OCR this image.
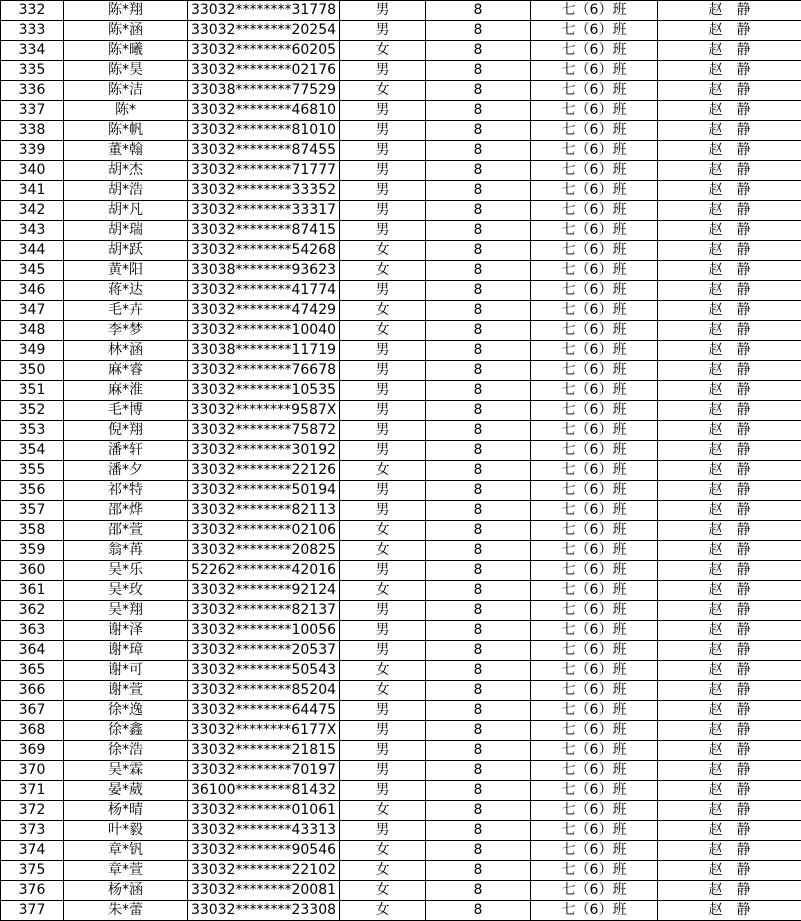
332	陈*翔	33032********31778	男	8	七（6）班	赵　静
333	陈*涵	33032********20254	男	8	七（6）班	赵　静
334	陈*曦	33032********60205	女	8	七（6）班	赵　静
335	陈*昊	33032********02176	男	8	七（6）班	赵　静
336	陈*洁	33038********77529	女	8	七（6）班	赵　静
337	陈*	33032********46810	男	8	七（6）班	赵　静
338	陈*帆	33032********81010	男	8	七（6）班	赵　静
339	董*翰	33032********87455	男	8	七（6）班	赵　静
340	胡*杰	33032********71777	男	8	七（6）班	赵　静
341	胡*浩	33032********33352	男	8	七（6）班	赵　静
342	胡*凡	33032********33317	男	8	七（6）班	赵　静
343	胡*瑞	33032********87415	男	8	七（6）班	赵　静
344	胡*跃	33032********54268	女	8	七（6）班	赵　静
345	黄*阳	33038********93623	女	8	七（6）班	赵　静
346	蒋*达	33032********41774	男	8	七（6）班	赵　静
347	毛*卉	33032********47429	女	8	七（6）班	赵　静
348	李*梦	33032********10040	女	8	七（6）班	赵　静
349	林*涵	33038********11719	男	8	七（6）班	赵　静
350	麻*睿	33032********76678	男	8	七（6）班	赵　静
351	麻*淮	33032********10535	男	8	七（6）班	赵　静
352	毛*博	33032********9587X	男	8	七（6）班	赵　静
353	倪*翔	33032********75872	男	8	七（6）班	赵　静
354	潘*轩	33032********30192	男	8	七（6）班	赵　静
355	潘*夕	33032********22126	女	8	七（6）班	赵　静
356	祁*特	33032********50194	男	8	七（6）班	赵　静
357	邵*烨	33032********82113	男	8	七（6）班	赵　静
358	邵*萱	33032********02106	女	8	七（6）班	赵　静
359	翁*苒	33032********20825	女	8	七（6）班	赵　静
360	吴*乐	52262********42016	男	8	七（6）班	赵　静
361	吴*玫	33032********92124	女	8	七（6）班	赵　静
362	吴*翔	33032********82137	男	8	七（6）班	赵　静
363	谢*泽	33032********10056	男	8	七（6）班	赵　静
364	谢*璋	33032********20537	男	8	七（6）班	赵　静
365	谢*可	33032********50543	女	8	七（6）班	赵　静
366	谢*萱	33032********85204	女	8	七（6）班	赵　静
367	徐*逸	33032********64475	男	8	七（6）班	赵　静
368	徐*鑫	33032********6177X	男	8	七（6）班	赵　静
369	徐*浩	33032********21815	男	8	七（6）班	赵　静
370	吴*霖	33032********70197	男	8	七（6）班	赵　静
371	晏*葳	36100********81432	男	8	七（6）班	赵　静
372	杨*晴	33032********01061	女	8	七（6）班	赵　静
373	叶*毅	33032********43313	男	8	七（6）班	赵　静
374	章*钒	33032********90546	女	8	七（6）班	赵　静
375	章*萱	33032********22102	女	8	七（6）班	赵　静
376	杨*涵	33032********20081	女	8	七（6）班	赵　静
377	朱*蕾	33032********23308	女	8	七（6）班	赵　静
